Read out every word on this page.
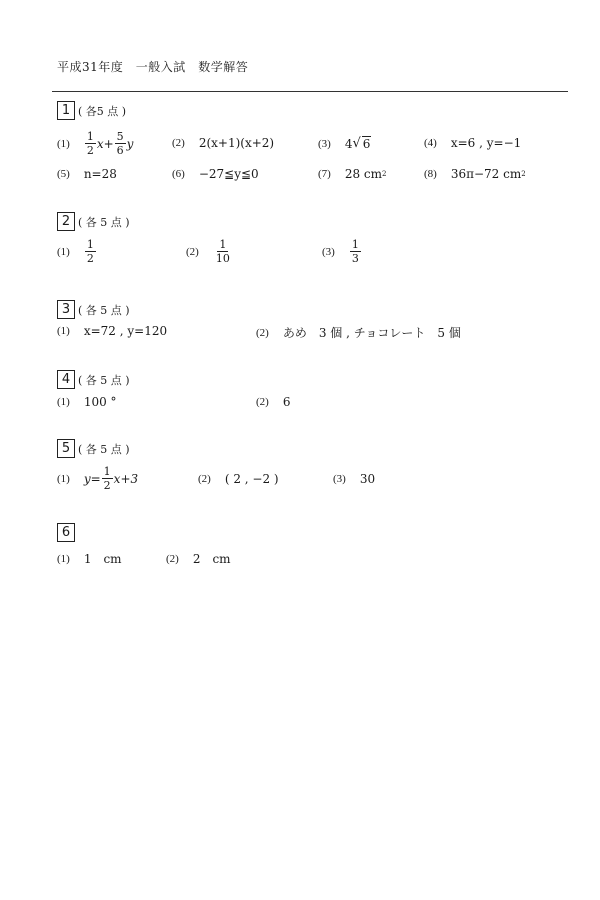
平成31年度　一般入試　数学解答
1 ( 各5 点 )
$(1) \frac{1}{2}$ $x + \frac{5}{6}$ y	(2) 2(x+1)(x+2)	(3) 4 √ 6	(4) x=6 , y=−1
(5) n=28	(6) −27≦y≦0	(7) 28 cm 2	(8) 36π−72 cm 2
2 ( 各 5 点 )
$(1) \frac{1}{2}$	$(2) \frac{1}{10}$	$(3) \frac{1}{3}$
3 ( 各 5 点 )
(1) x=72 , y=120	(2) あめ　3 個 , チョコレート　5 個
4 ( 各 5 点 )
(1) 100 °	(2) 6
5 ( 各 5 点 )
(1) $y= \frac{1}{2} x+3$	(2) ( 2 , −2 )	(3) 30
6
(1) 1　cm	(2) 2　cm
